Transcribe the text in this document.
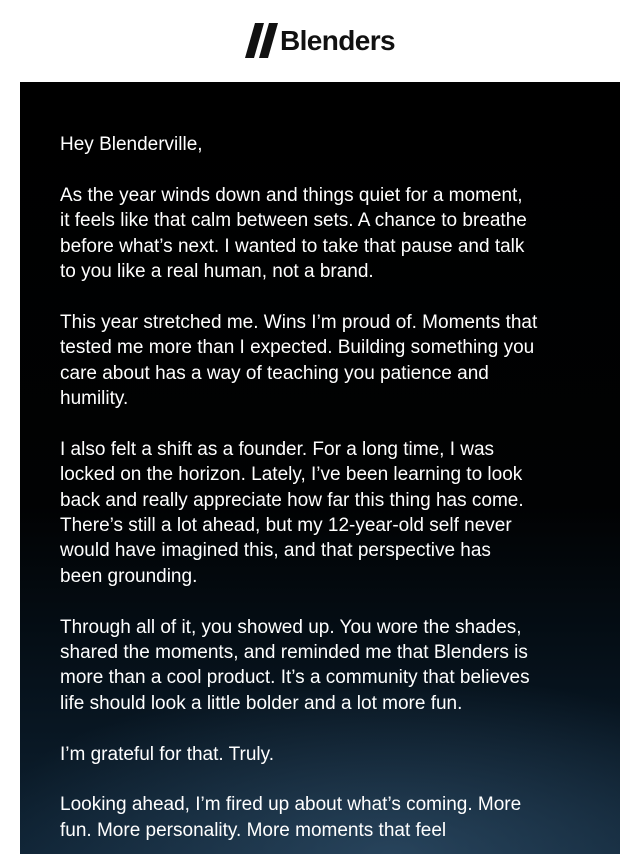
Blenders

Hey Blenderville,

As the year winds down and things quiet for a moment,
it feels like that calm between sets. A chance to breathe
before what’s next. I wanted to take that pause and talk
to you like a real human, not a brand.

This year stretched me. Wins I’m proud of. Moments that
tested me more than I expected. Building something you
care about has a way of teaching you patience and
humility.

I also felt a shift as a founder. For a long time, I was
locked on the horizon. Lately, I’ve been learning to look
back and really appreciate how far this thing has come.
There’s still a lot ahead, but my 12-year-old self never
would have imagined this, and that perspective has
been grounding.

Through all of it, you showed up. You wore the shades,
shared the moments, and reminded me that Blenders is
more than a cool product. It’s a community that believes
life should look a little bolder and a lot more fun.

I’m grateful for that. Truly.

Looking ahead, I’m fired up about what’s coming. More
fun. More personality. More moments that feel
